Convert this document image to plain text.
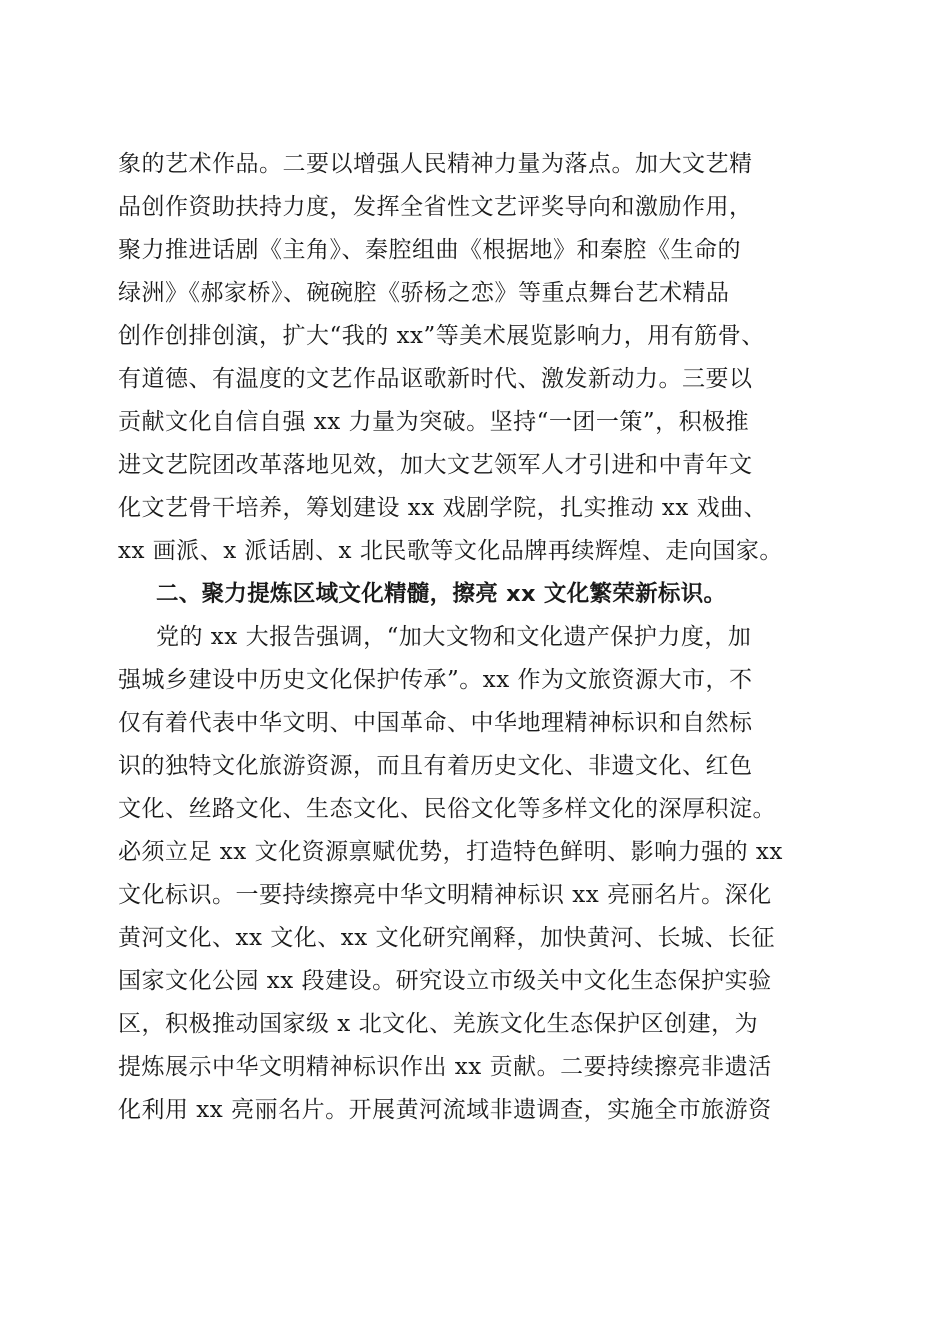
象的艺术作品。二要以增强人民精神力量为落点。加大文艺精
品创作资助扶持力度，发挥全省性文艺评奖导向和激励作用，
聚力推进话剧《主角》、秦腔组曲《根据地》和秦腔《生命的
绿洲》《郝家桥》、碗碗腔《骄杨之恋》等重点舞台艺术精品
创作创排创演，扩大“我的 xx”等美术展览影响力，用有筋骨、
有道德、有温度的文艺作品讴歌新时代、激发新动力。三要以
贡献文化自信自强 xx 力量为突破。坚持“一团一策”，积极推
进文艺院团改革落地见效，加大文艺领军人才引进和中青年文
化文艺骨干培养，筹划建设 xx 戏剧学院，扎实推动 xx 戏曲、
xx 画派、x 派话剧、x 北民歌等文化品牌再续辉煌、走向国家。
二、聚力提炼区域文化精髓，擦亮 xx 文化繁荣新标识。
党的 xx 大报告强调，“加大文物和文化遗产保护力度，加
强城乡建设中历史文化保护传承”。xx 作为文旅资源大市，不
仅有着代表中华文明、中国革命、中华地理精神标识和自然标
识的独特文化旅游资源，而且有着历史文化、非遗文化、红色
文化、丝路文化、生态文化、民俗文化等多样文化的深厚积淀。
必须立足 xx 文化资源禀赋优势，打造特色鲜明、影响力强的 xx
文化标识。一要持续擦亮中华文明精神标识 xx 亮丽名片。深化
黄河文化、xx 文化、xx 文化研究阐释，加快黄河、长城、长征
国家文化公园 xx 段建设。研究设立市级关中文化生态保护实验
区，积极推动国家级 x 北文化、羌族文化生态保护区创建，为
提炼展示中华文明精神标识作出 xx 贡献。二要持续擦亮非遗活
化利用 xx 亮丽名片。开展黄河流域非遗调查，实施全市旅游资
